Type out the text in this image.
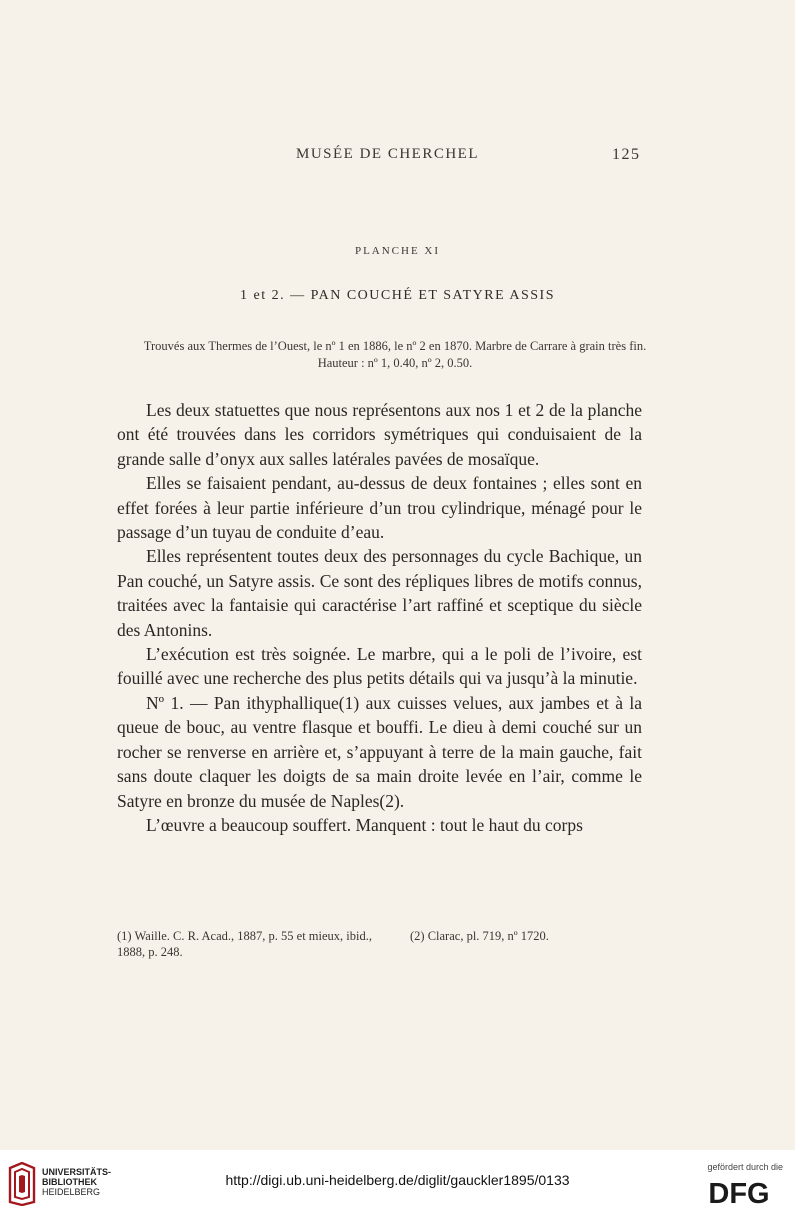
MUSÉE DE CHERCHEL	125
PLANCHE XI
1 et 2. — PAN COUCHÉ ET SATYRE ASSIS
Trouvés aux Thermes de l’Ouest, le nº 1 en 1886, le nº 2 en 1870. Marbre de Carrare à grain très fin. Hauteur : nº 1, 0.40, nº 2, 0.50.

Les deux statuettes que nous représentons aux nos 1 et 2 de la planche ont été trouvées dans les corridors symétriques qui conduisaient de la grande salle d’onyx aux salles latérales pavées de mosaïque.

Elles se faisaient pendant, au-dessus de deux fontaines ; elles sont en effet forées à leur partie inférieure d’un trou cylindrique, ménagé pour le passage d’un tuyau de conduite d’eau.

Elles représentent toutes deux des personnages du cycle Bachique, un Pan couché, un Satyre assis. Ce sont des répliques libres de motifs connus, traitées avec la fantaisie qui caractérise l’art raffiné et sceptique du siècle des Antonins.

L’exécution est très soignée. Le marbre, qui a le poli de l’ivoire, est fouillé avec une recherche des plus petits détails qui va jusqu’à la minutie.

Nº 1. — Pan ithyphallique(1) aux cuisses velues, aux jambes et à la queue de bouc, au ventre flasque et bouffi. Le dieu à demi couché sur un rocher se renverse en arrière et, s’appuyant à terre de la main gauche, fait sans doute claquer les doigts de sa main droite levée en l’air, comme le Satyre en bronze du musée de Naples(2).

L’œuvre a beaucoup souffert. Manquent : tout le haut du corps

(1) Waille. C. R. Acad., 1887, p. 55 et mieux, ibid., 1888, p. 248.
(2) Clarac, pl. 719, nº 1720.
UNIVERSITÄTS-
BIBLIOTHEK
HEIDELBERG
http://digi.ub.uni-heidelberg.de/diglit/gauckler1895/0133
gefördert durch die
DFG
